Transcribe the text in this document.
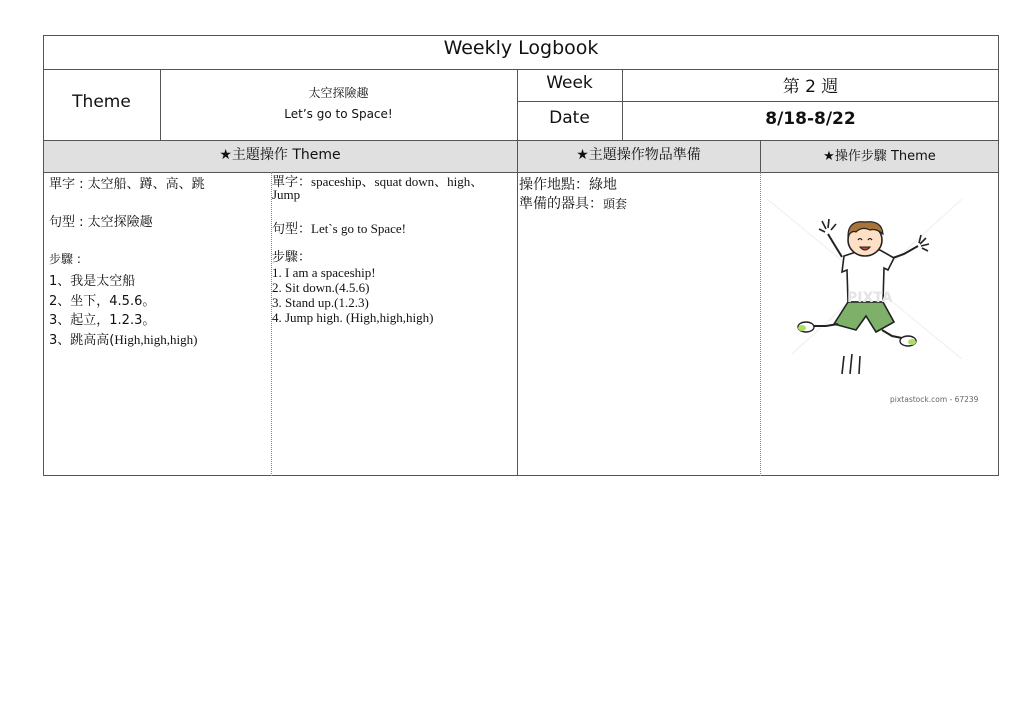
Weekly Logbook
Theme	太空探險趣
Let’s go to Space!
Week	第 2 週
Date	8/18-8/22
★主題操作 Theme	★主題操作物品準備	★操作步驟 Theme
單字 : 太空船、蹲、高、跳
句型 : 太空探險趣
步驟 :
1、我是太空船
2、坐下，4.5.6。
3、起立，1.2.3。
3、跳高高(High,high,high)
單字：spaceship、squat down、high、
Jump
句型：Let`s go to Space!
步驟：
1. I am a spaceship!
2. Sit down.(4.5.6)
3. Stand up.(1.2.3)
4. Jump high. (High,high,high)
操作地點：綠地
準備的器具：頭套
PIXTA
pixtastock.com - 67239
